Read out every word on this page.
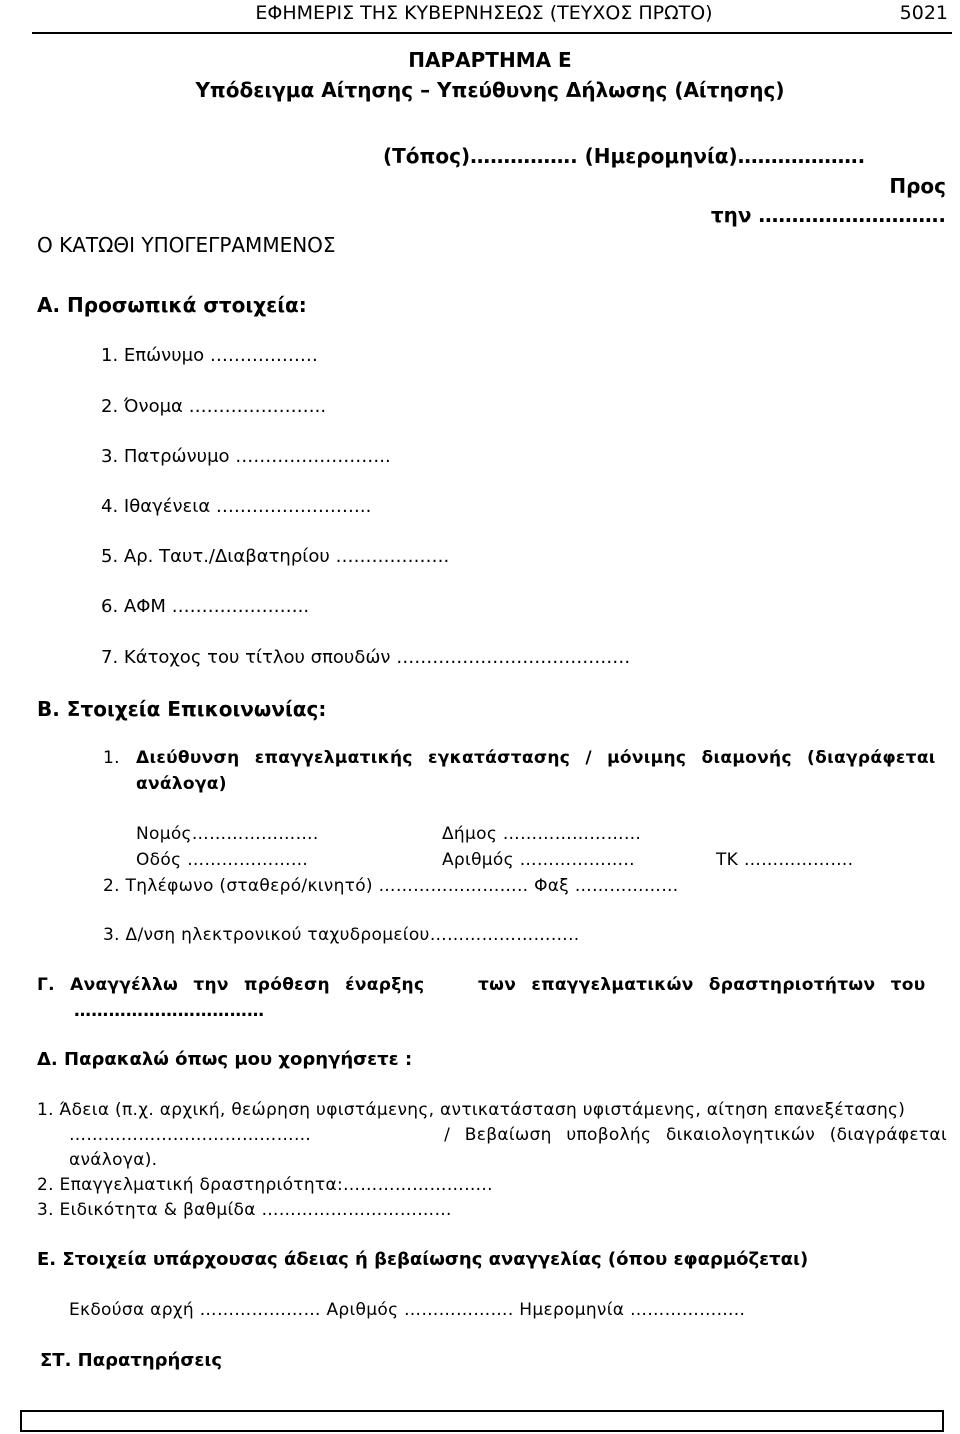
ΕΦΗΜΕΡΙΣ ΤΗΣ ΚΥΒΕΡΝΗΣΕΩΣ (ΤΕΥΧΟΣ ΠΡΩΤΟ)	5021
ΠΑΡΑΡΤΗΜΑ Ε
Υπόδειγμα Αίτησης – Υπεύθυνης Δήλωσης (Αίτησης)
(Τόπος)……………. (Ημερομηνία)……………….
Προς
την ……………………….
Ο ΚΑΤΩΘΙ ΥΠΟΓΕΓΡΑΜΜΕΝΟΣ
Α. Προσωπικά στοιχεία:
1. Επώνυμο ………………
2. Όνομα …………………..
3. Πατρώνυμο ……………………..
4. Ιθαγένεια ……………………..
5. Αρ. Ταυτ./Διαβατηρίου ……………….
6. ΑΦΜ …………………..
7. Κάτοχος του τίτλου σπουδών …………………………………
Β. Στοιχεία Επικοινωνίας:
1. Διεύθυνση επαγγελματικής εγκατάστασης / μόνιμης διαμονής (διαγράφεται
ανάλογα)
Νομός………………….	Δήμος ……………………
Οδός …………………	Αριθμός ………………..	ΤΚ ……………….
2. Τηλέφωνο (σταθερό/κινητό) …………………….. Φαξ ………………
3. Δ/νση ηλεκτρονικού ταχυδρομείου……………………..
Γ. Αναγγέλλω την πρόθεση έναρξης	των επαγγελματικών δραστηριοτήτων του
……………………………
Δ. Παρακαλώ όπως μου χορηγήσετε :
1. Άδεια (π.χ. αρχική, θεώρηση υφιστάμενης, αντικατάσταση υφιστάμενης, αίτηση επανεξέτασης)
……………………………………	/ Βεβαίωση υποβολής δικαιολογητικών (διαγράφεται
ανάλογα).
2. Επαγγελματική δραστηριότητα:……………………..
3. Ειδικότητα & βαθμίδα ……………………………
Ε. Στοιχεία υπάρχουσας άδειας ή βεβαίωσης αναγγελίας (όπου εφαρμόζεται)
Εκδούσα αρχή ………………… Αριθμός ………………. Ημερομηνία ………………..
ΣΤ. Παρατηρήσεις
